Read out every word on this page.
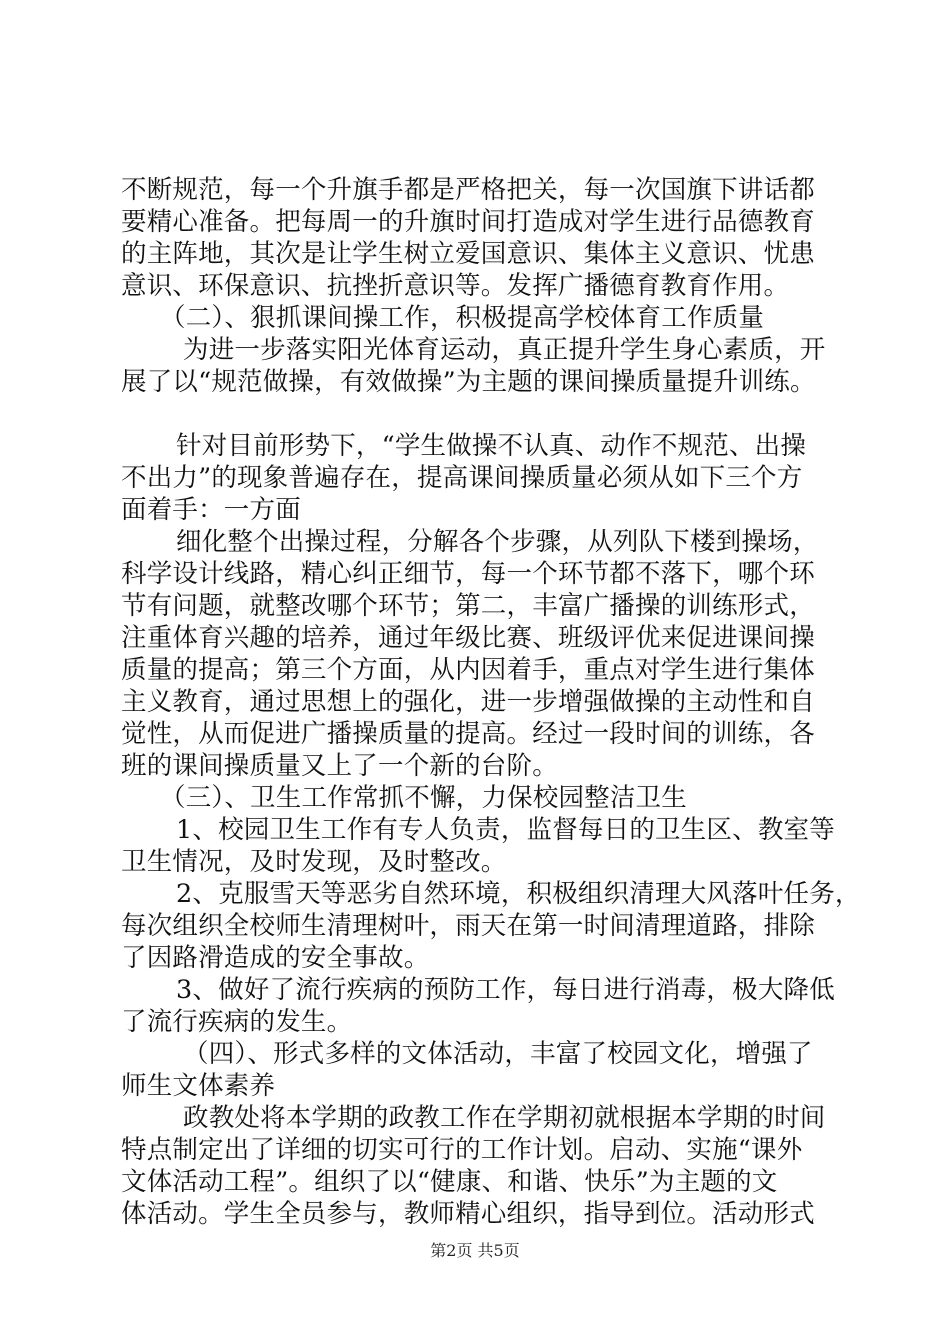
不断规范，每一个升旗手都是严格把关，每一次国旗下讲话都
要精心准备。把每周一的升旗时间打造成对学生进行品德教育
的主阵地，其次是让学生树立爱国意识、集体主义意识、忧患
意识、环保意识、抗挫折意识等。发挥广播德育教育作用。
（二）、狠抓课间操工作，积极提高学校体育工作质量
为进一步落实阳光体育运动，真正提升学生身心素质，开
展了以“规范做操，有效做操”为主题的课间操质量提升训练。
针对目前形势下，“学生做操不认真、动作不规范、出操
不出力”的现象普遍存在，提高课间操质量必须从如下三个方
面着手：一方面
细化整个出操过程，分解各个步骤，从列队下楼到操场，
科学设计线路，精心纠正细节，每一个环节都不落下，哪个环
节有问题，就整改哪个环节；第二，丰富广播操的训练形式，
注重体育兴趣的培养，通过年级比赛、班级评优来促进课间操
质量的提高；第三个方面，从内因着手，重点对学生进行集体
主义教育，通过思想上的强化，进一步增强做操的主动性和自
觉性，从而促进广播操质量的提高。经过一段时间的训练，各
班的课间操质量又上了一个新的台阶。
（三）、卫生工作常抓不懈，力保校园整洁卫生
1、校园卫生工作有专人负责，监督每日的卫生区、教室等
卫生情况，及时发现，及时整改。
2、克服雪天等恶劣自然环境，积极组织清理大风落叶任务，
每次组织全校师生清理树叶，雨天在第一时间清理道路，排除
了因路滑造成的安全事故。
3、做好了流行疾病的预防工作，每日进行消毒，极大降低
了流行疾病的发生。
（四）、形式多样的文体活动，丰富了校园文化，增强了
师生文体素养
政教处将本学期的政教工作在学期初就根据本学期的时间
特点制定出了详细的切实可行的工作计划。启动、实施“课外
文体活动工程”。组织了以“健康、和谐、快乐”为主题的文
体活动。学生全员参与，教师精心组织，指导到位。活动形式
第2页 共5页
